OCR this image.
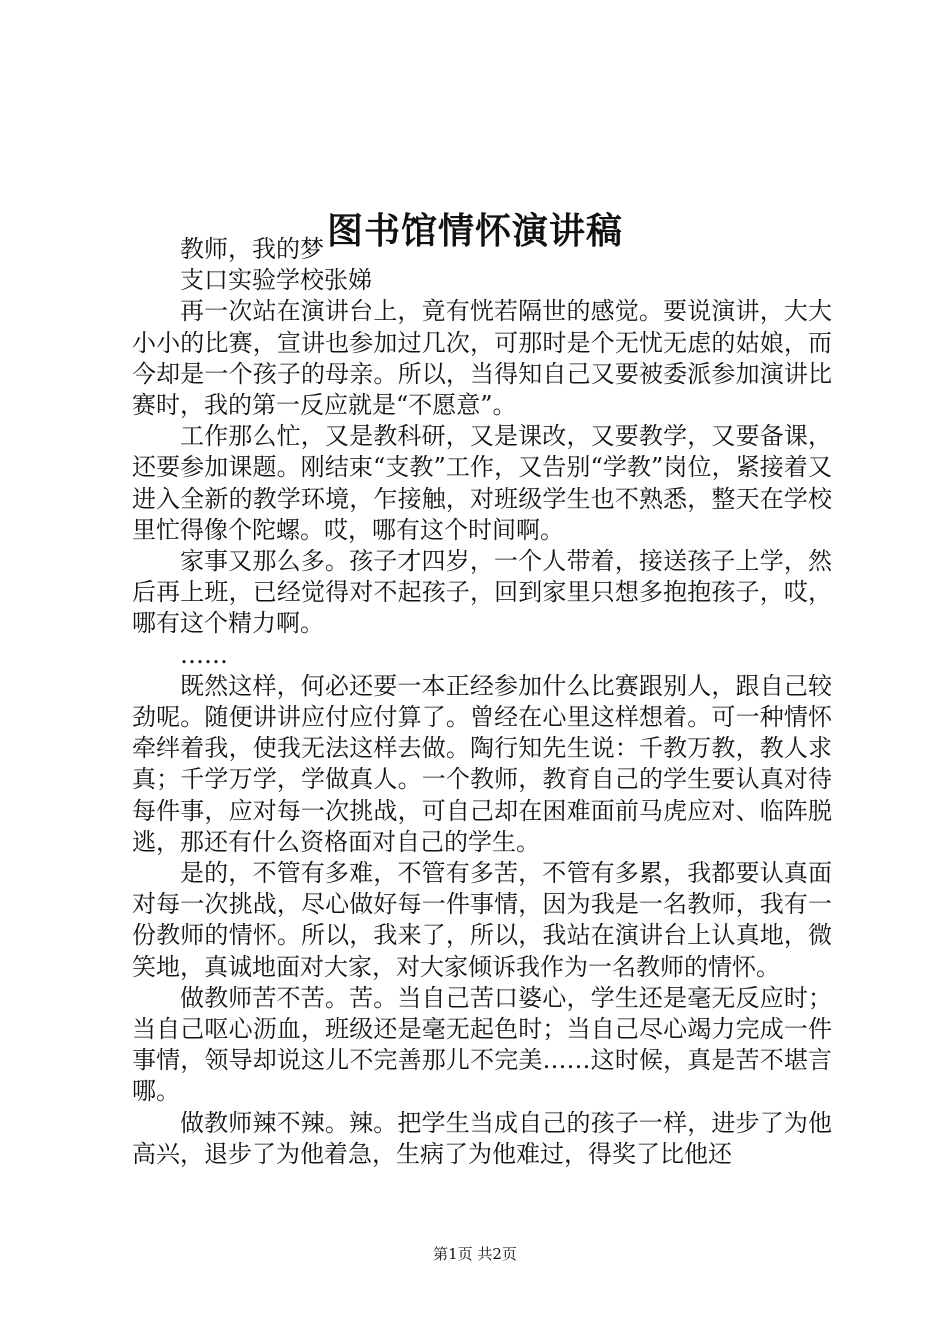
图书馆情怀演讲稿

教师，我的梦

支口实验学校张娣

再一次站在演讲台上，竟有恍若隔世的感觉。要说演讲，大大小小的比赛，宣讲也参加过几次，可那时是个无忧无虑的姑娘，而今却是一个孩子的母亲。所以，当得知自己又要被委派参加演讲比赛时，我的第一反应就是“不愿意”。

工作那么忙，又是教科研，又是课改，又要教学，又要备课，还要参加课题。刚结束“支教”工作，又告别“学教”岗位，紧接着又进入全新的教学环境，乍接触，对班级学生也不熟悉，整天在学校里忙得像个陀螺。哎，哪有这个时间啊。

家事又那么多。孩子才四岁，一个人带着，接送孩子上学，然后再上班，已经觉得对不起孩子，回到家里只想多抱抱孩子，哎，哪有这个精力啊。

……

既然这样，何必还要一本正经参加什么比赛跟别人，跟自己较劲呢。随便讲讲应付应付算了。曾经在心里这样想着。可一种情怀牵绊着我，使我无法这样去做。陶行知先生说：千教万教，教人求真；千学万学，学做真人。一个教师，教育自己的学生要认真对待每件事，应对每一次挑战，可自己却在困难面前马虎应对、临阵脱逃，那还有什么资格面对自己的学生。

是的，不管有多难，不管有多苦，不管有多累，我都要认真面对每一次挑战，尽心做好每一件事情，因为我是一名教师，我有一份教师的情怀。所以，我来了，所以，我站在演讲台上认真地，微笑地，真诚地面对大家，对大家倾诉我作为一名教师的情怀。

做教师苦不苦。苦。当自己苦口婆心，学生还是毫无反应时；当自己呕心沥血，班级还是毫无起色时；当自己尽心竭力完成一件事情，领导却说这儿不完善那儿不完美……这时候，真是苦不堪言哪。

做教师辣不辣。辣。把学生当成自己的孩子一样，进步了为他高兴，退步了为他着急，生病了为他难过，得奖了比他还

第1页 共2页
